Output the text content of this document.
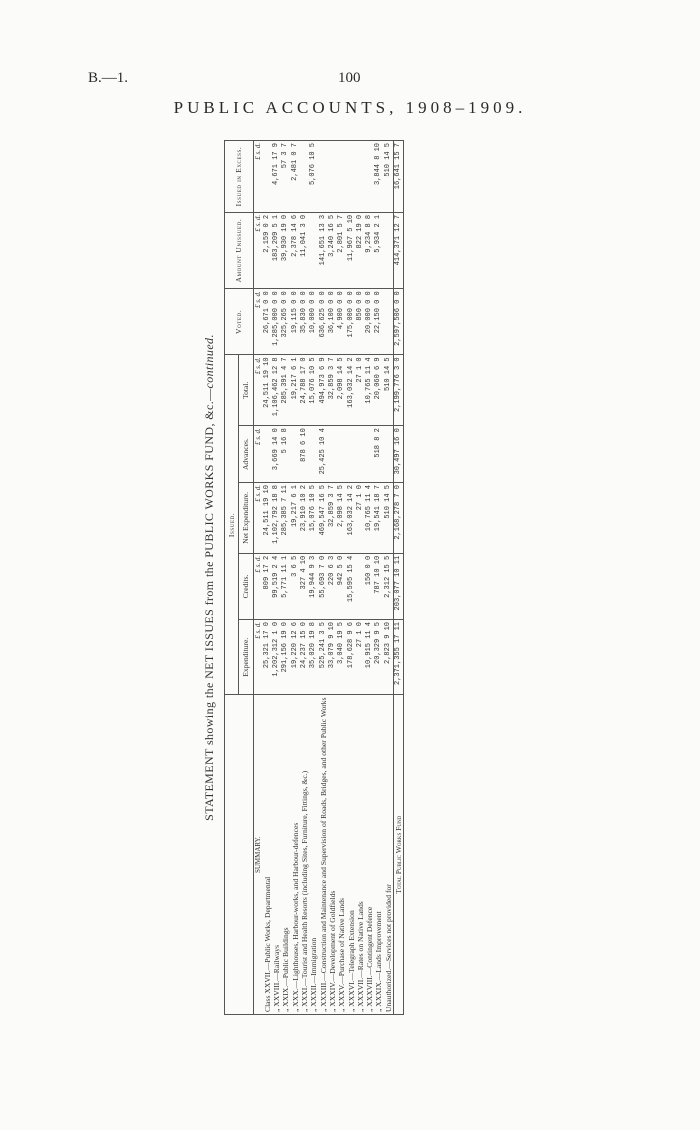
B.—1.	100
PUBLIC ACCOUNTS, 1908–1909.
STATEMENT showing the NET ISSUES from the PUBLIC WORKS FUND, &c.—continued.
	Issued.					Voted.	Amount Unissued.	Issued in Excess.
	Expenditure.	Credits.	Net Expenditure.	Advances.	Total.			
SUMMARY.	£ s. d.	£ s. d.	£ s. d.	£ s. d.	£ s. d.	£ s. d.	£ s. d.	£ s. d.
Class XXVII.—Public Works, Departmental	25,321 17 0	809 17 2	24,511 19 10		24,511 19 10	26,671 0 0	2,159 0 2	
„ XXVIII.—Railways	1,202,312 1 0	99,519 2 4	1,102,792 18 8	3,669 14 0	1,106,462 12 8	1,285,000 0 0	183,209 5 1	4,671 17 9
„ XXIX.—Public Buildings	291,156 19 0	5,771 11 1	285,385 7 11	5 16 8	285,391 4 7	325,265 0 0	39,930 19 0	57 3 7
„ XXX.—Lighthouses, Harbour-works, and Harbour-defences	19,220 12 6	3 6 5	19,217 6 1		19,217 6 1	19,115 0 0	2,378 14 6	2,481 0 7
„ XXXI.—Tourist and Health Resorts (including Sites, Furniture, Fittings, &c.)	24,237 15 0	327 4 10	23,910 10 2	878 6 10	24,788 17 0	35,830 0 0	11,041 3 0	
„ XXXII.—Immigration	35,020 19 8	19,944 9 3	15,076 10 5		15,076 10 5	10,000 0 0		5,076 10 5
„ XXXIII.—Construction and Maintenance and Supervision of Roads, Bridges, and other Public Works	525,241 3 5	55,693 7 0	469,547 16 5	25,425 10 4	494,973 6 9	636,625 0 0	141,651 13 3	
„ XXXIV.—Development of Goldfields	33,079 9 10	220 6 3	32,859 3 7		32,859 3 7	36,100 0 0	3,240 16 5	
„ XXXV.—Purchase of Native Lands	3,040 19 5	942 5 0	2,098 14 5		2,098 14 5	4,900 0 0	2,801 5 7	
„ XXXVI.—Telegraph Extension	178,628 9 6	15,595 15 4	163,032 14 2		163,032 14 2	175,000 0 0	11,967 5 10	
„ XXXVII.—Rates on Native Lands	27 1 0		27 1 0		27 1 0	850 0 0	822 19 0	
„ XXXVIII.—Contingent Defence	10,915 11 4	150 0 0	10,765 11 4		10,765 11 4	20,000 0 0	9,234 8 8	
„ XXXIX.—Lands Improvement	20,329 9 5	787 10 10	19,541 18 7	518 8 2	20,060 6 9	22,150 0 0	5,934 2 1	3,844 8 10
Unauthorized.—Services not provided for	2,823 9 10	2,312 15 5	510 14 5		510 14 5			510 14 5
Total Public Works Fund	2,371,355 17 11	203,077 10 11	2,168,278 7 0	30,497 16 0	2,199,776 3 0	2,597,506 0 0	414,371 12 7	16,641 15 7
